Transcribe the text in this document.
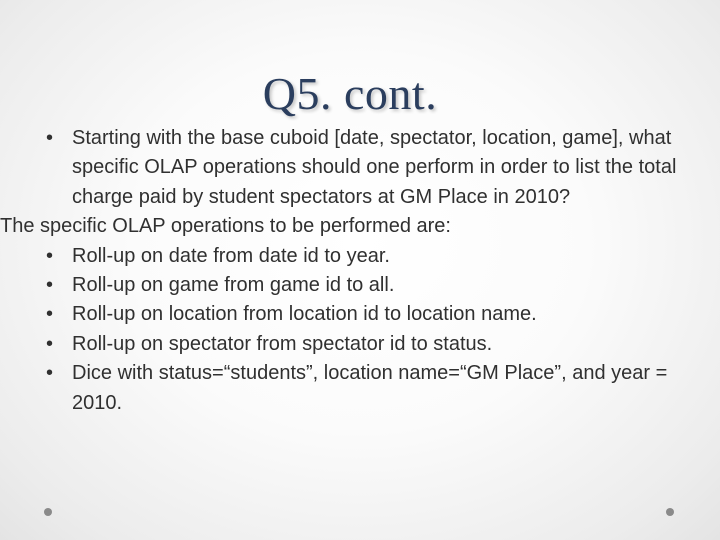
Q5. cont.
• Starting with the base cuboid [date, spectator, location, game], what specific OLAP operations should one perform in order to list the total charge paid by student spectators at GM Place in 2010?
The specific OLAP operations to be performed are:
• Roll-up on date from date id to year.
• Roll-up on game from game id to all.
• Roll-up on location from location id to location name.
• Roll-up on spectator from spectator id to status.
• Dice with status=“students”, location name=“GM Place”, and year = 2010.
